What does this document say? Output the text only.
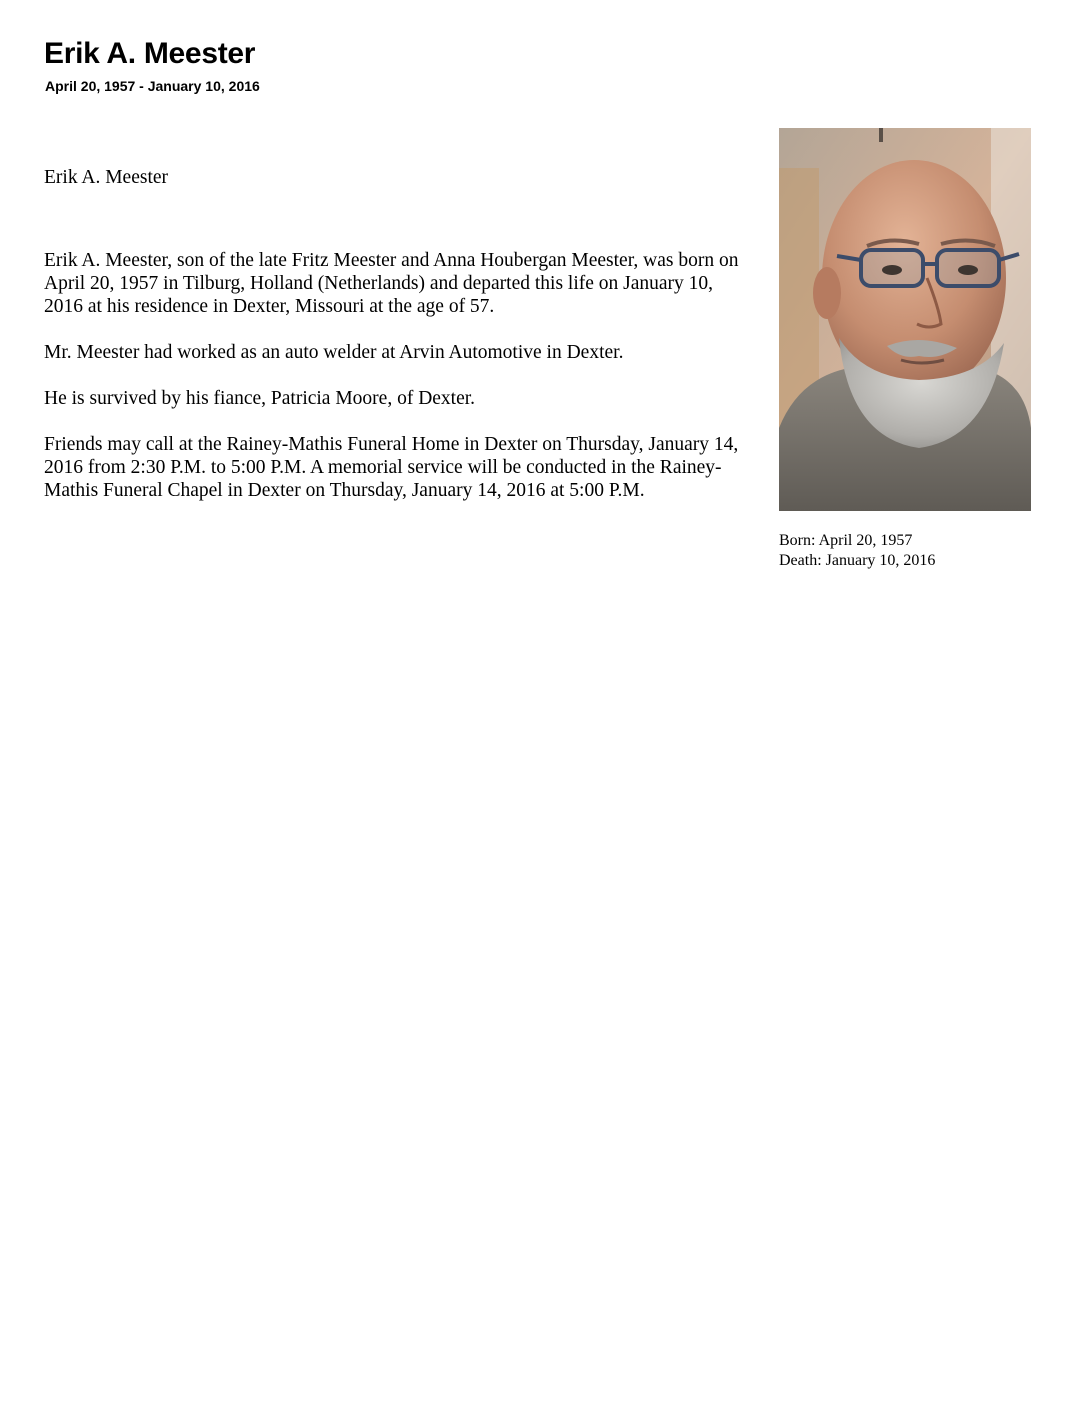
Erik A. Meester
April 20, 1957 - January 10, 2016

Erik A. Meester

Erik A. Meester, son of the late Fritz Meester and Anna Houbergan Meester, was born on April 20, 1957 in Tilburg, Holland (Netherlands) and departed this life on January 10, 2016 at his residence in Dexter, Missouri at the age of 57.

Mr. Meester had worked as an auto welder at Arvin Automotive in Dexter.

He is survived by his fiance, Patricia Moore, of Dexter.

Friends may call at the Rainey-Mathis Funeral Home in Dexter on Thursday, January 14, 2016 from 2:30 P.M. to 5:00 P.M. A memorial service will be conducted in the Rainey-Mathis Funeral Chapel in Dexter on Thursday, January 14, 2016 at 5:00 P.M.

Born: April 20, 1957
Death: January 10, 2016
